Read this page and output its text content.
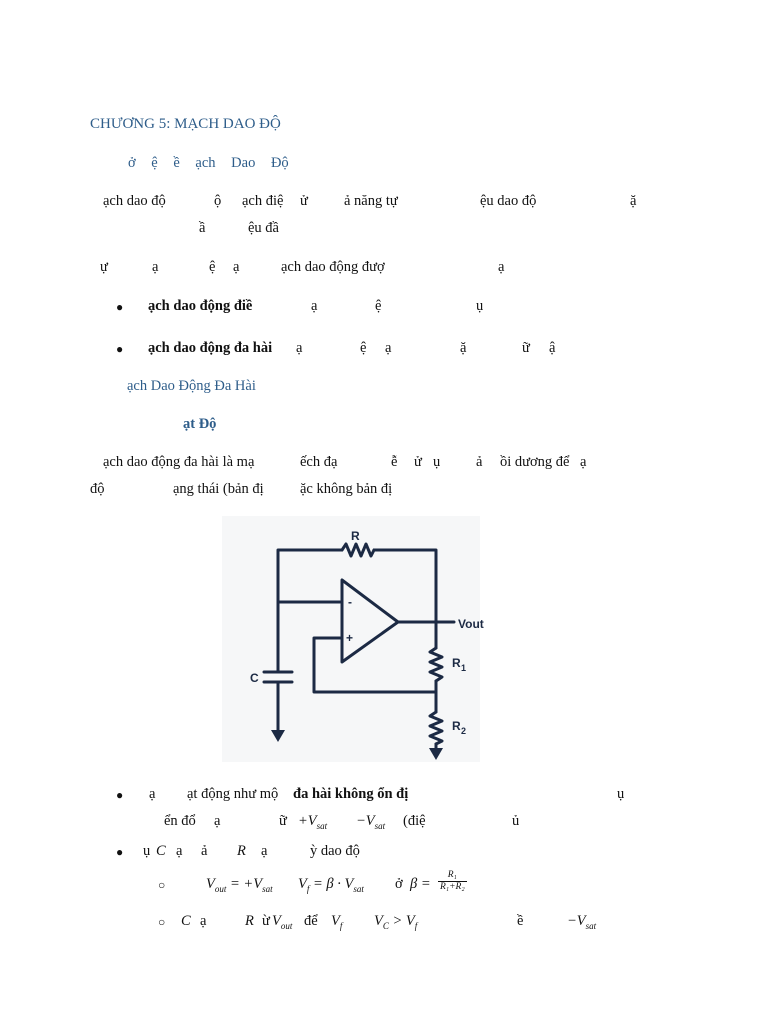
CHƯƠNG 5: MẠCH DAO ĐỘ
ở ệ ề ạch Dao Độ
ạch dao độ	ộ ạch điệ ử ả năng tự	ệu dao độ	ặ
ầ	ệu đầ
ự	ạ	ệ ạ	ạch dao động đượ	ạ
● ạch dao động điề	ạ	ệ	ụ
● ạch dao động đa hài ạ	ệ ạ	ặ	ữ ậ
ạch Dao Động Đa Hài
ạt Độ
ạch dao động đa hài là mạ	ếch đạ	ễ ử ụ ả ồi dương để ạ
độ	ạng thái (bản đị	ặc không bản đị
R
C
Vout
R 1
R 2
-
+
● ạ ạt động như mộ đa hài không ổn đị	ụ
ển đổ ạ	ữ $+V_{sat} -V_{sat}$ (điệ	ủ
● ụ C ạ ả R ạ	ỳ dao độ
○	$V_{out} = +V_{sat}$ $V_f = \beta \cdot V_{sat}$ ở $\beta = \frac{\text{R₁}}{\text{R₁+R₂}}$
○ C ạ	R ừ $V_{out}$ để $V_f$ $V_C > V_f$	ề	$-V_{sat}$
